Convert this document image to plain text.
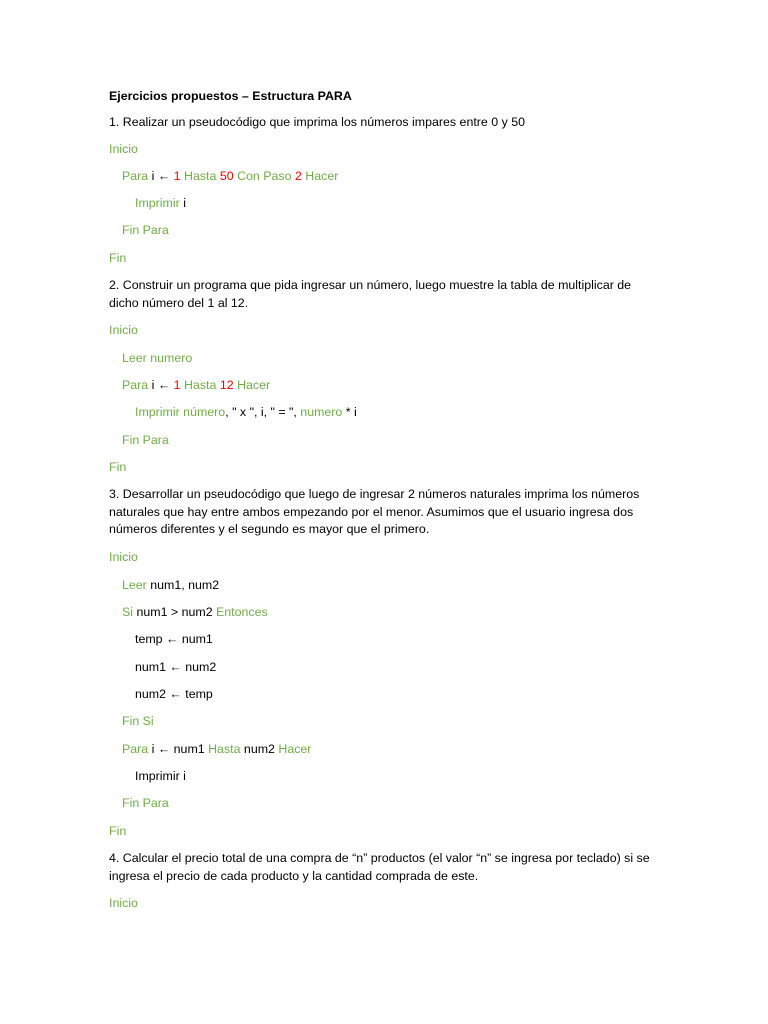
Ejercicios propuestos – Estructura PARA
1. Realizar un pseudocódigo que imprima los números impares entre 0 y 50
Inicio
Para i ← 1 Hasta 50 Con Paso 2 Hacer
Imprimir i
Fin Para
Fin
2. Construir un programa que pida ingresar un número, luego muestre la tabla de multiplicar de dicho número del 1 al 12.
Inicio
Leer numero
Para i ← 1 Hasta 12 Hacer
Imprimir número, " x ", i, " = ", numero * i
Fin Para
Fin
3. Desarrollar un pseudocódigo que luego de ingresar 2 números naturales imprima los números naturales que hay entre ambos empezando por el menor. Asumimos que el usuario ingresa dos números diferentes y el segundo es mayor que el primero.
Inicio
Leer num1, num2
Si num1 > num2 Entonces
temp ← num1
num1 ← num2
num2 ← temp
Fin Si
Para i ← num1 Hasta num2 Hacer
Imprimir i
Fin Para
Fin
4. Calcular el precio total de una compra de “n” productos (el valor “n” se ingresa por teclado) si se ingresa el precio de cada producto y la cantidad comprada de este.
Inicio
